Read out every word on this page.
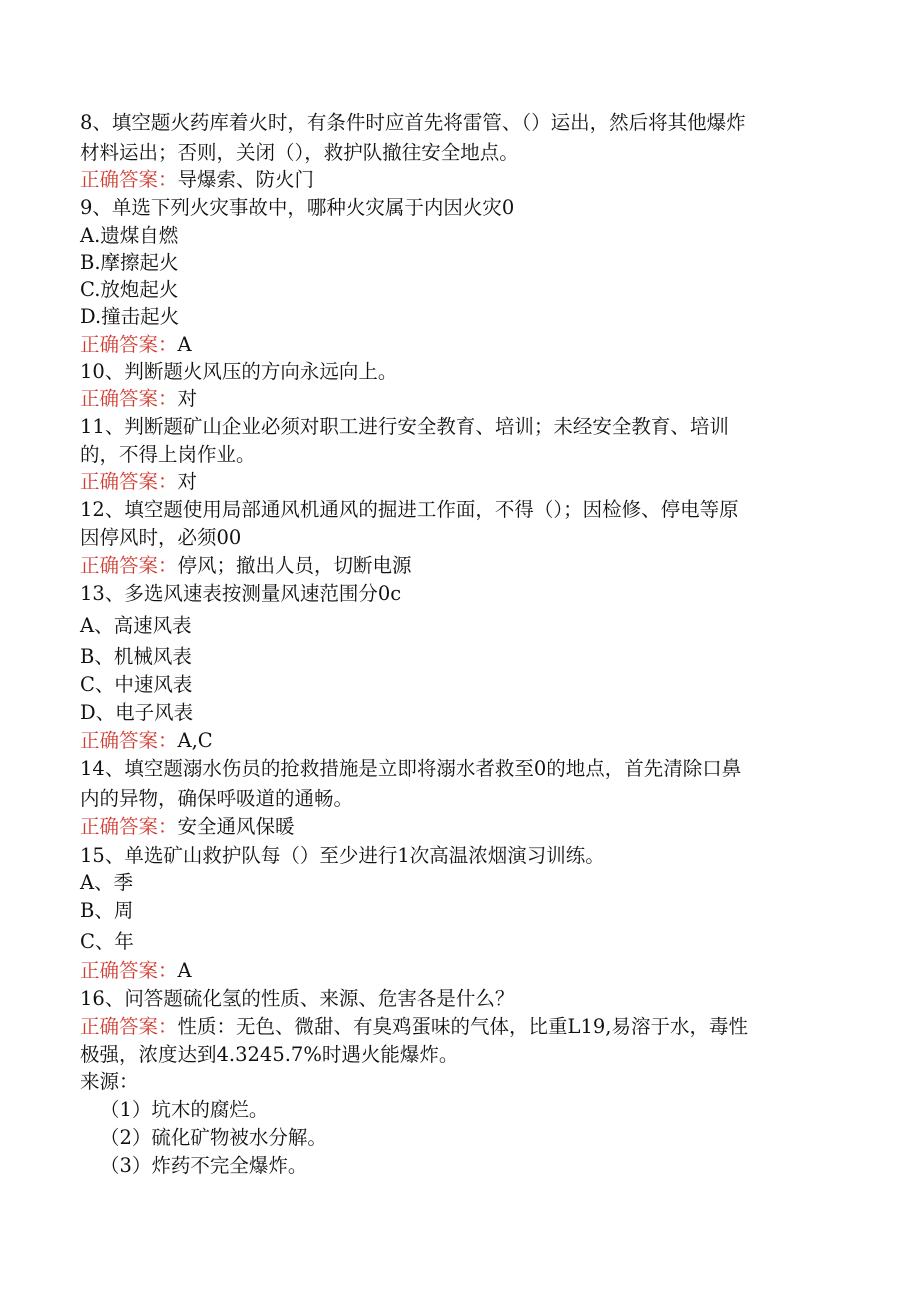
8、填空题火药库着火时，有条件时应首先将雷管、（）运出，然后将其他爆炸
材料运出；否则，关闭（），救护队撤往安全地点。
正确答案：导爆索、防火门
9、单选下列火灾事故中，哪种火灾属于内因火灾0
A.遗煤自燃
B.摩擦起火
C.放炮起火
D.撞击起火
正确答案：A
10、判断题火风压的方向永远向上。
正确答案：对
11、判断题矿山企业必须对职工进行安全教育、培训；未经安全教育、培训
的，不得上岗作业。
正确答案：对
12、填空题使用局部通风机通风的掘进工作面，不得（）；因检修、停电等原
因停风时，必须00
正确答案：停风；撤出人员，切断电源
13、多选风速表按测量风速范围分0c
A、高速风表
B、机械风表
C、中速风表
D、电子风表
正确答案：A,C
14、填空题溺水伤员的抢救措施是立即将溺水者救至0的地点，首先清除口鼻
内的异物，确保呼吸道的通畅。
正确答案：安全通风保暖
15、单选矿山救护队每（）至少进行1次高温浓烟演习训练。
A、季
B、周
C、年
正确答案：A
16、问答题硫化氢的性质、来源、危害各是什么？
正确答案：性质：无色、微甜、有臭鸡蛋味的气体，比重L19,易溶于水，毒性
极强，浓度达到4.3245.7%时遇火能爆炸。
来源：
（1）坑木的腐烂。
（2）硫化矿物被水分解。
（3）炸药不完全爆炸。
